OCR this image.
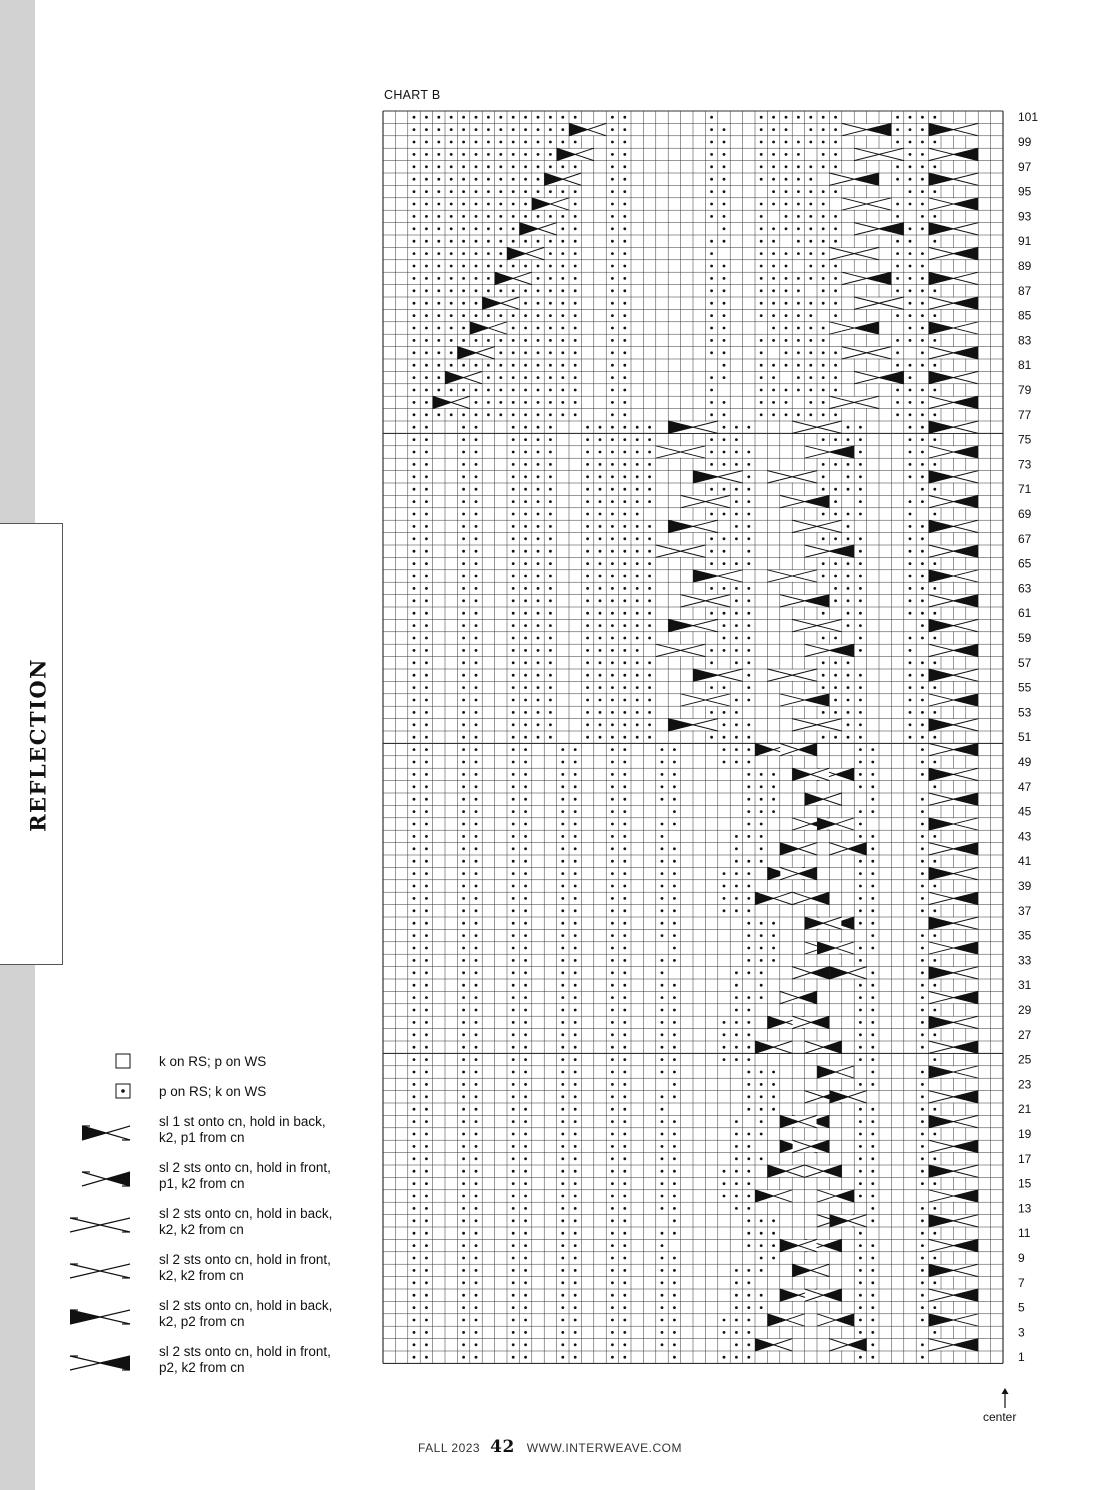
REFLECTION
CHART B
101
99
97
95
93
91
89
87
85
83
81
79
77
75
73
71
69
67
65
63
61
59
57
55
53
51
49
47
45
43
41
39
37
35
33
31
29
27
25
23
21
19
17
15
13
11
9
7
5
3
1
center
k on RS; p on WS
p on RS; k on WS
sl 1 st onto cn, hold in back,
k2, p1 from cn
sl 2 sts onto cn, hold in front,
p1, k2 from cn
sl 2 sts onto cn, hold in back,
k2, k2 from cn
sl 2 sts onto cn, hold in front,
k2, k2 from cn
sl 2 sts onto cn, hold in back,
k2, p2 from cn
sl 2 sts onto cn, hold in front,
p2, k2 from cn
FALL 2023 42 WWW.INTERWEAVE.COM
